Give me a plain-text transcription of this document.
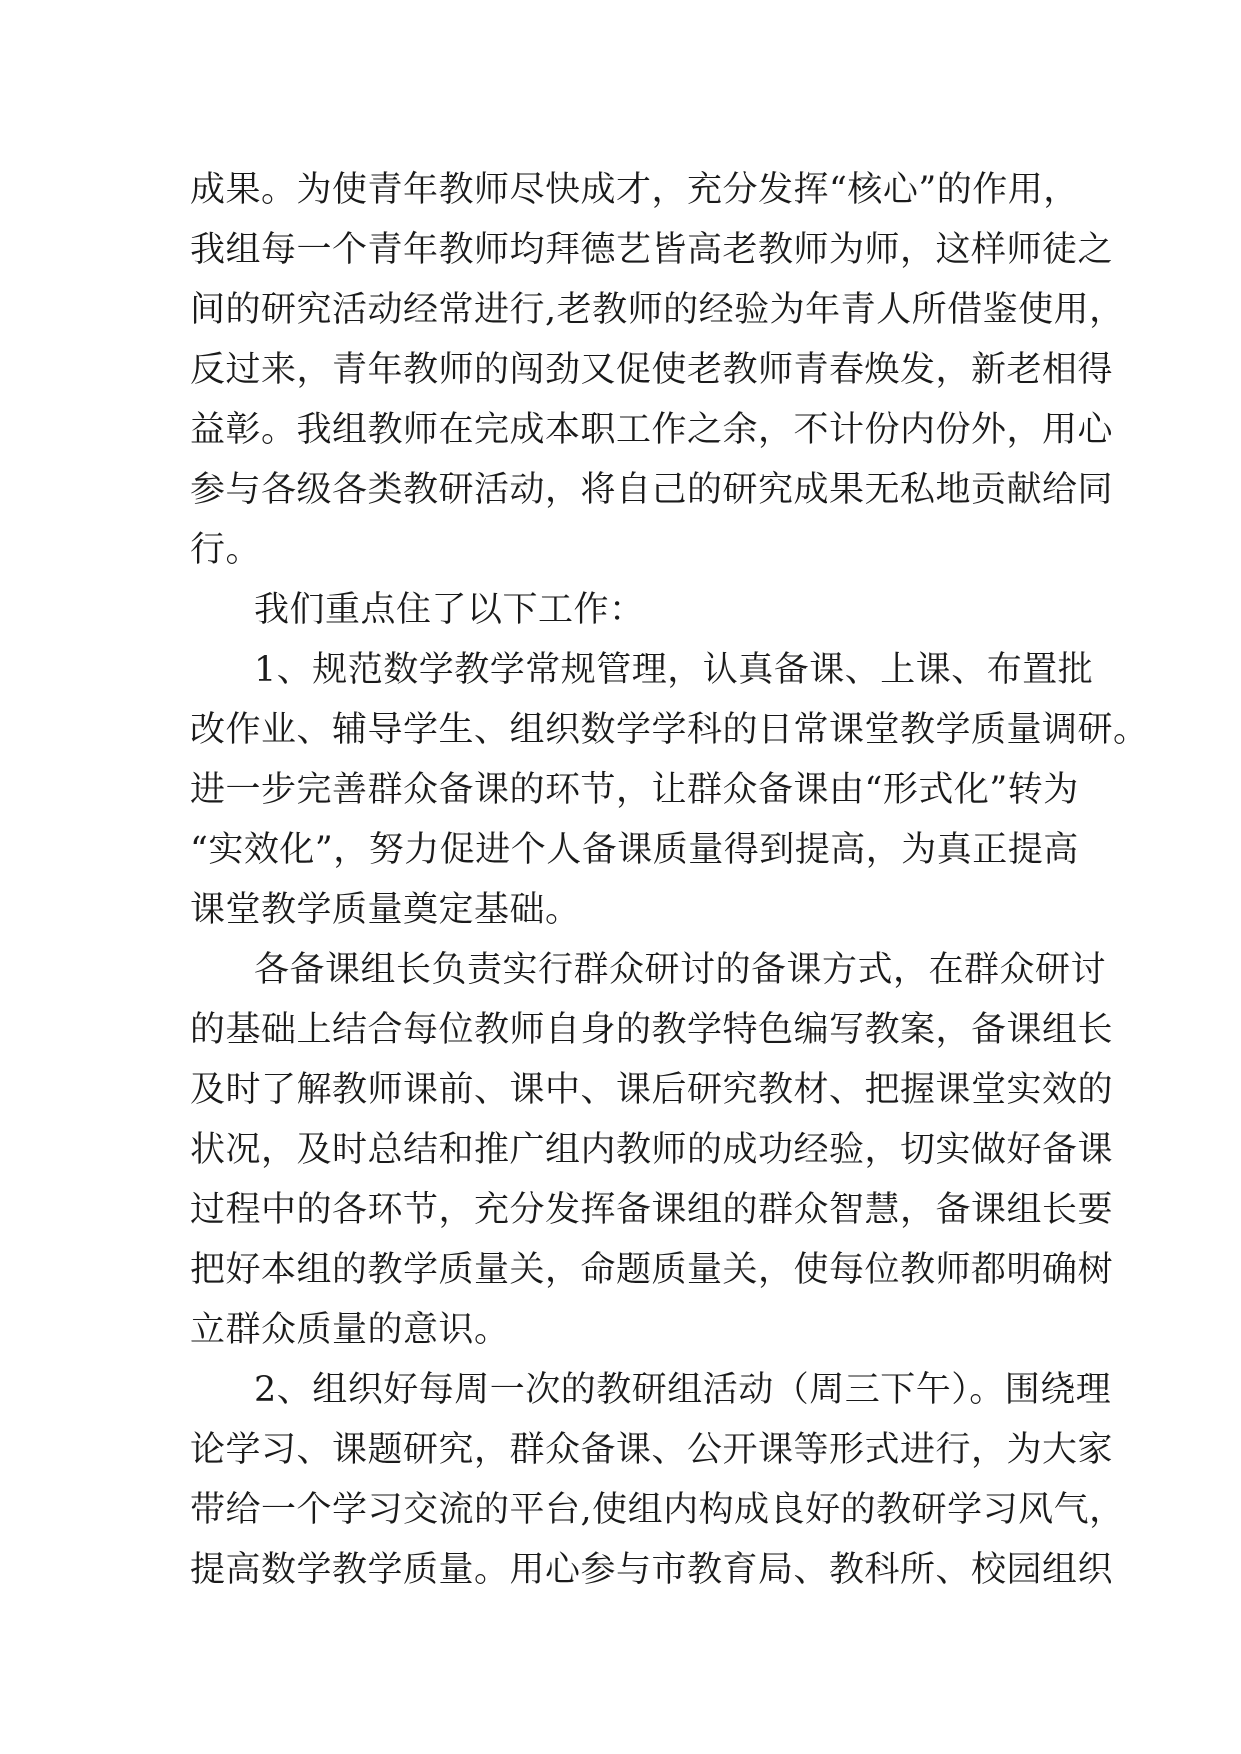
成果。为使青年教师尽快成才，充分发挥“核心”的作用，
我组每一个青年教师均拜德艺皆高老教师为师，这样师徒之
间的研究活动经常进行,老教师的经验为年青人所借鉴使用，
反过来，青年教师的闯劲又促使老教师青春焕发，新老相得
益彰。我组教师在完成本职工作之余，不计份内份外，用心
参与各级各类教研活动，将自己的研究成果无私地贡献给同
行。
我们重点住了以下工作：
1、规范数学教学常规管理，认真备课、上课、布置批
改作业、辅导学生、组织数学学科的日常课堂教学质量调研。
进一步完善群众备课的环节，让群众备课由“形式化”转为
“实效化”，努力促进个人备课质量得到提高，为真正提高
课堂教学质量奠定基础。
各备课组长负责实行群众研讨的备课方式，在群众研讨
的基础上结合每位教师自身的教学特色编写教案，备课组长
及时了解教师课前、课中、课后研究教材、把握课堂实效的
状况，及时总结和推广组内教师的成功经验，切实做好备课
过程中的各环节，充分发挥备课组的群众智慧，备课组长要
把好本组的教学质量关，命题质量关，使每位教师都明确树
立群众质量的意识。
2、组织好每周一次的教研组活动（周三下午）。围绕理
论学习、课题研究，群众备课、公开课等形式进行，为大家
带给一个学习交流的平台,使组内构成良好的教研学习风气，
提高数学教学质量。用心参与市教育局、教科所、校园组织
